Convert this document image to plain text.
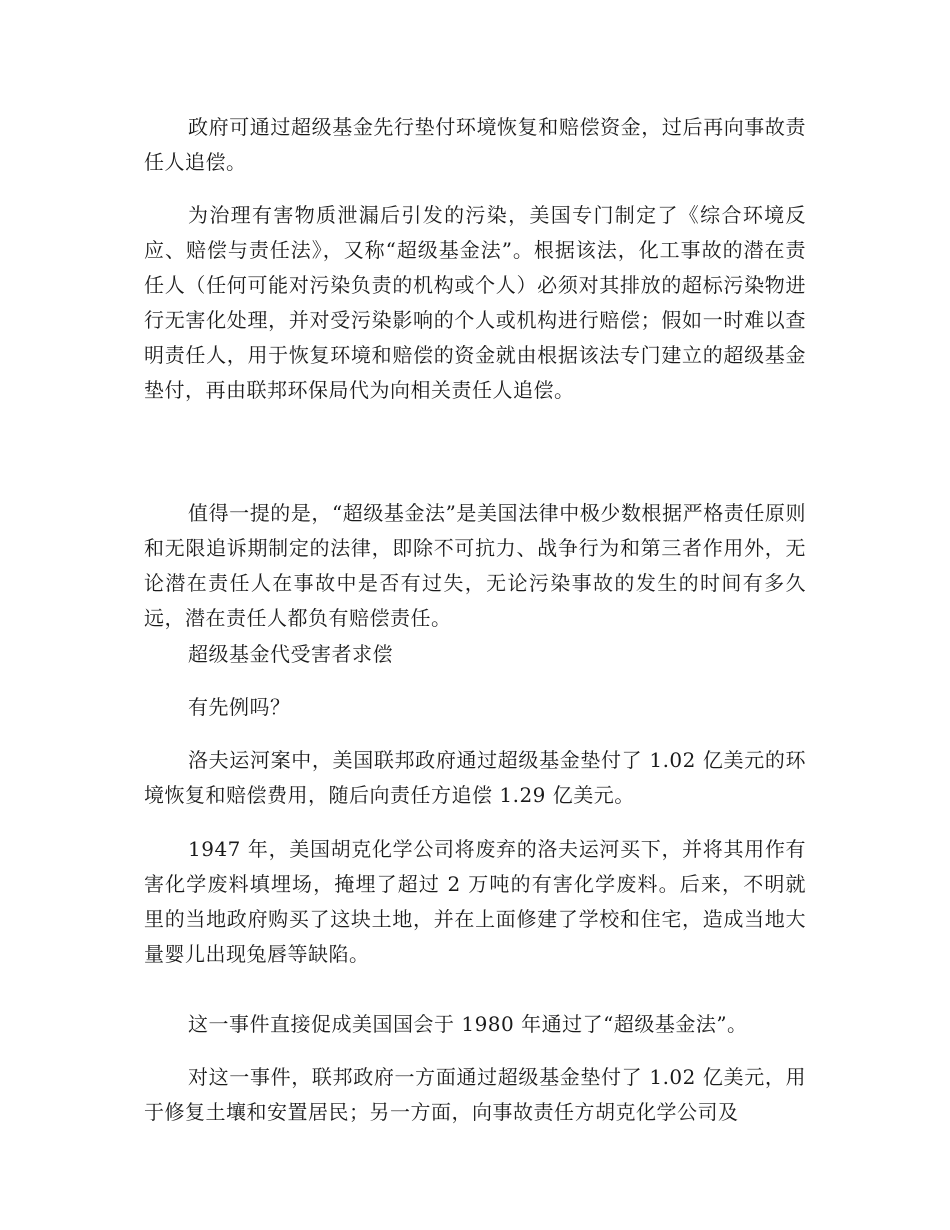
政府可通过超级基金先行垫付环境恢复和赔偿资金，过后再向事故责任人追偿。

为治理有害物质泄漏后引发的污染，美国专门制定了《综合环境反应、赔偿与责任法》，又称“超级基金法”。根据该法，化工事故的潜在责任人（任何可能对污染负责的机构或个人）必须对其排放的超标污染物进行无害化处理，并对受污染影响的个人或机构进行赔偿；假如一时难以查明责任人，用于恢复环境和赔偿的资金就由根据该法专门建立的超级基金垫付，再由联邦环保局代为向相关责任人追偿。

值得一提的是，“超级基金法”是美国法律中极少数根据严格责任原则和无限追诉期制定的法律，即除不可抗力、战争行为和第三者作用外，无论潜在责任人在事故中是否有过失，无论污染事故的发生的时间有多久远，潜在责任人都负有赔偿责任。

超级基金代受害者求偿

有先例吗？

洛夫运河案中，美国联邦政府通过超级基金垫付了 1.02 亿美元的环境恢复和赔偿费用，随后向责任方追偿 1.29 亿美元。

1947 年，美国胡克化学公司将废弃的洛夫运河买下，并将其用作有害化学废料填埋场，掩埋了超过 2 万吨的有害化学废料。后来，不明就里的当地政府购买了这块土地，并在上面修建了学校和住宅，造成当地大量婴儿出现兔唇等缺陷。

这一事件直接促成美国国会于 1980 年通过了“超级基金法”。

对这一事件，联邦政府一方面通过超级基金垫付了 1.02 亿美元，用于修复土壤和安置居民；另一方面，向事故责任方胡克化学公司及
